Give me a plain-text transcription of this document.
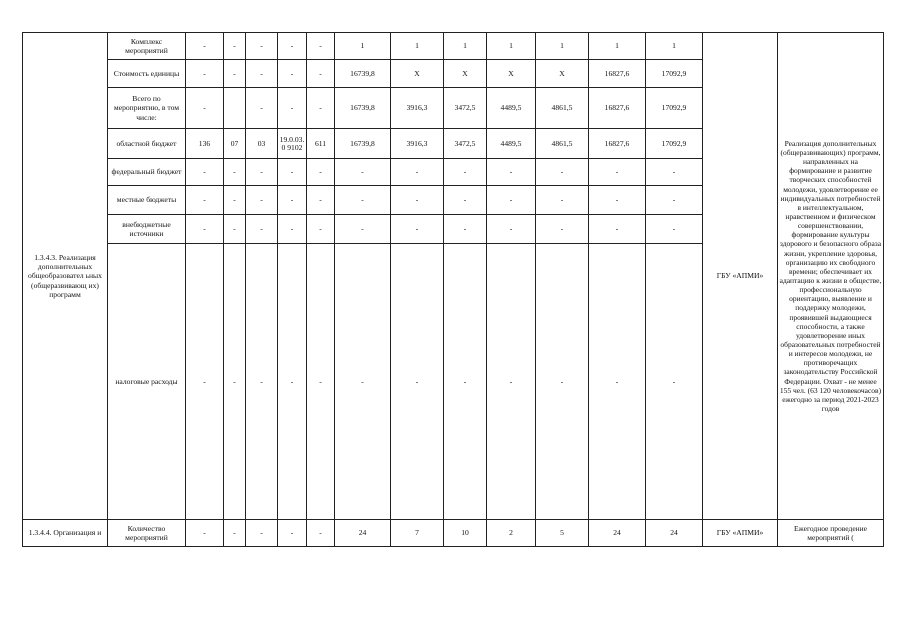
1.3.4.3. Реализация дополнительных общеобразовател ьных (общеразвивающ их) программ	Комплекс мероприятий	-	-	-	-	-	1	1	1	1	1	1	1	ГБУ «АПМИ»	Реализация дополнительных (общеразвивающих) программ, направленных на формирование и развитие творческих способностей молодежи, удовлетворение ее индивидуальных потребностей в интеллектуальном, нравственном и физическом совершенствовании, формирование культуры здорового и безопасного образа жизни, укрепление здоровья, организацию их свободного времени; обеспечивает их адаптацию к жизни в обществе, профессиональную ориентацию, выявление и поддержку молодежи, проявившей выдающиеся способности, а также удовлетворение иных образовательных потребностей и интересов молодежи, не противоречащих законодательству Российской Федерации. Охват - не менее 155 чел. (63 120 человекочасов) ежегодно за период 2021-2023 годов
	Стоимость единицы	-	-	-	-	-	16739,8	X	X	X	X	16827,6	17092,9		
	Всего по мероприятию, в том числе:	-		-	-	-	16739,8	3916,3	3472,5	4489,5	4861,5	16827,6	17092,9		
	областной бюджет	136	07	03	19.0.03.0 9102	611	16739,8	3916,3	3472,5	4489,5	4861,5	16827,6	17092,9		
	федеральный бюджет	-	-	-	-	-	-	-	-	-	-	-	-		
	местные бюджеты	-	-	-	-	-	-	-	-	-	-	-	-		
	внебюджетные источники	-	-	-	-	-	-	-	-	-	-	-	-		
	налоговые расходы	-	-	-	-	-	-	-	-	-	-	-	-		
1.3.4.4. Организация и	Количество мероприятий	-	-	-	-	-	24	7	10	2	5	24	24	ГБУ «АПМИ»	Ежегодное проведение мероприятий (
